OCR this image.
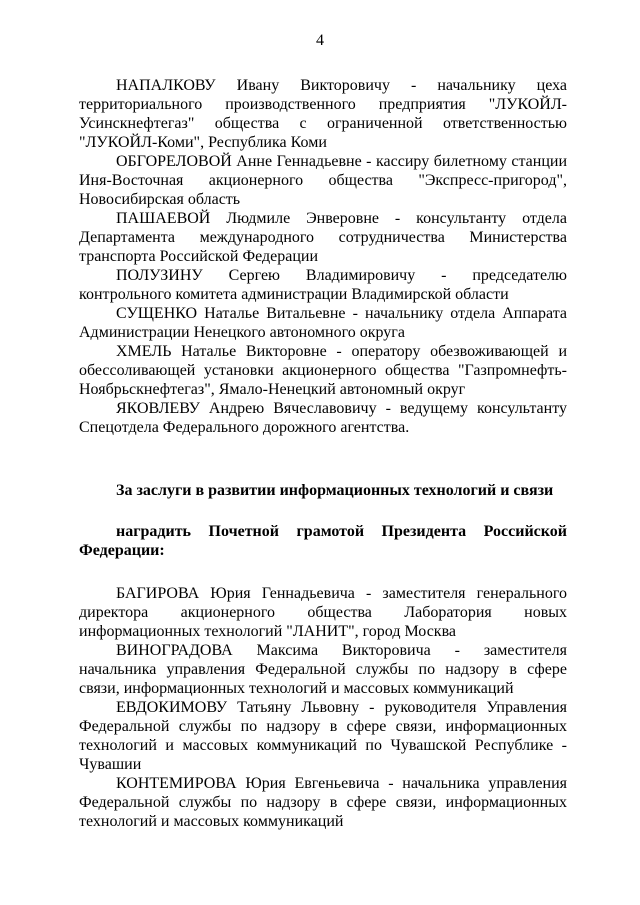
4

НАПАЛКОВУ Ивану Викторовичу - начальнику цеха территориального производственного предприятия "ЛУКОЙЛ-Усинскнефтегаз" общества с ограниченной ответственностью "ЛУКОЙЛ-Коми", Республика Коми

ОБГОРЕЛОВОЙ Анне Геннадьевне - кассиру билетному станции Иня-Восточная акционерного общества "Экспресс-пригород", Новосибирская область

ПАШАЕВОЙ Людмиле Энверовне - консультанту отдела Департамента международного сотрудничества Министерства транспорта Российской Федерации

ПОЛУЗИНУ Сергею Владимировичу - председателю контрольного комитета администрации Владимирской области

СУЩЕНКО Наталье Витальевне - начальнику отдела Аппарата Администрации Ненецкого автономного округа

ХМЕЛЬ Наталье Викторовне - оператору обезвоживающей и обессоливающей установки акционерного общества "Газпромнефть-Ноябрьскнефтегаз", Ямало-Ненецкий автономный округ

ЯКОВЛЕВУ Андрею Вячеславовичу - ведущему консультанту Спецотдела Федерального дорожного агентства.

За заслуги в развитии информационных технологий и связи

наградить Почетной грамотой Президента Российской Федерации:

БАГИРОВА Юрия Геннадьевича - заместителя генерального директора акционерного общества Лаборатория новых информационных технологий "ЛАНИТ", город Москва

ВИНОГРАДОВА Максима Викторовича - заместителя начальника управления Федеральной службы по надзору в сфере связи, информационных технологий и массовых коммуникаций

ЕВДОКИМОВУ Татьяну Львовну - руководителя Управления Федеральной службы по надзору в сфере связи, информационных технологий и массовых коммуникаций по Чувашской Республике - Чувашии

КОНТЕМИРОВА Юрия Евгеньевича - начальника управления Федеральной службы по надзору в сфере связи, информационных технологий и массовых коммуникаций
